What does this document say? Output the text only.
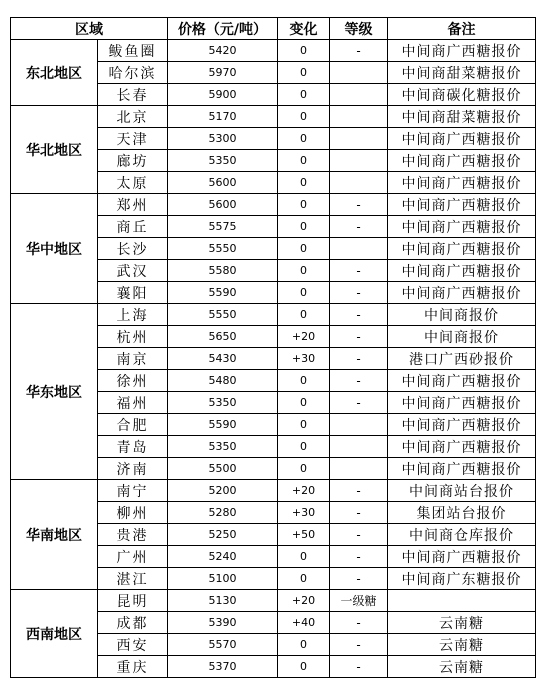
区域		价格（元/吨）	变化	等级	备注
东北地区	鲅鱼圈	5420	0	-	中间商广西糖报价
	哈尔滨	5970	0		中间商甜菜糖报价
	长春	5900	0		中间商碳化糖报价
华北地区	北京	5170	0		中间商甜菜糖报价
	天津	5300	0		中间商广西糖报价
	廊坊	5350	0		中间商广西糖报价
	太原	5600	0		中间商广西糖报价
华中地区	郑州	5600	0	-	中间商广西糖报价
	商丘	5575	0	-	中间商广西糖报价
	长沙	5550	0		中间商广西糖报价
	武汉	5580	0	-	中间商广西糖报价
	襄阳	5590	0	-	中间商广西糖报价
华东地区	上海	5550	0	-	中间商报价
	杭州	5650	+20	-	中间商报价
	南京	5430	+30	-	港口广西砂报价
	徐州	5480	0	-	中间商广西糖报价
	福州	5350	0	-	中间商广西糖报价
	合肥	5590	0		中间商广西糖报价
	青岛	5350	0		中间商广西糖报价
	济南	5500	0		中间商广西糖报价
华南地区	南宁	5200	+20	-	中间商站台报价
	柳州	5280	+30	-	集团站台报价
	贵港	5250	+50	-	中间商仓库报价
	广州	5240	0	-	中间商广西糖报价
	湛江	5100	0	-	中间商广东糖报价
西南地区	昆明	5130	+20	一级糖	
	成都	5390	+40	-	云南糖
	西安	5570	0	-	云南糖
	重庆	5370	0	-	云南糖
